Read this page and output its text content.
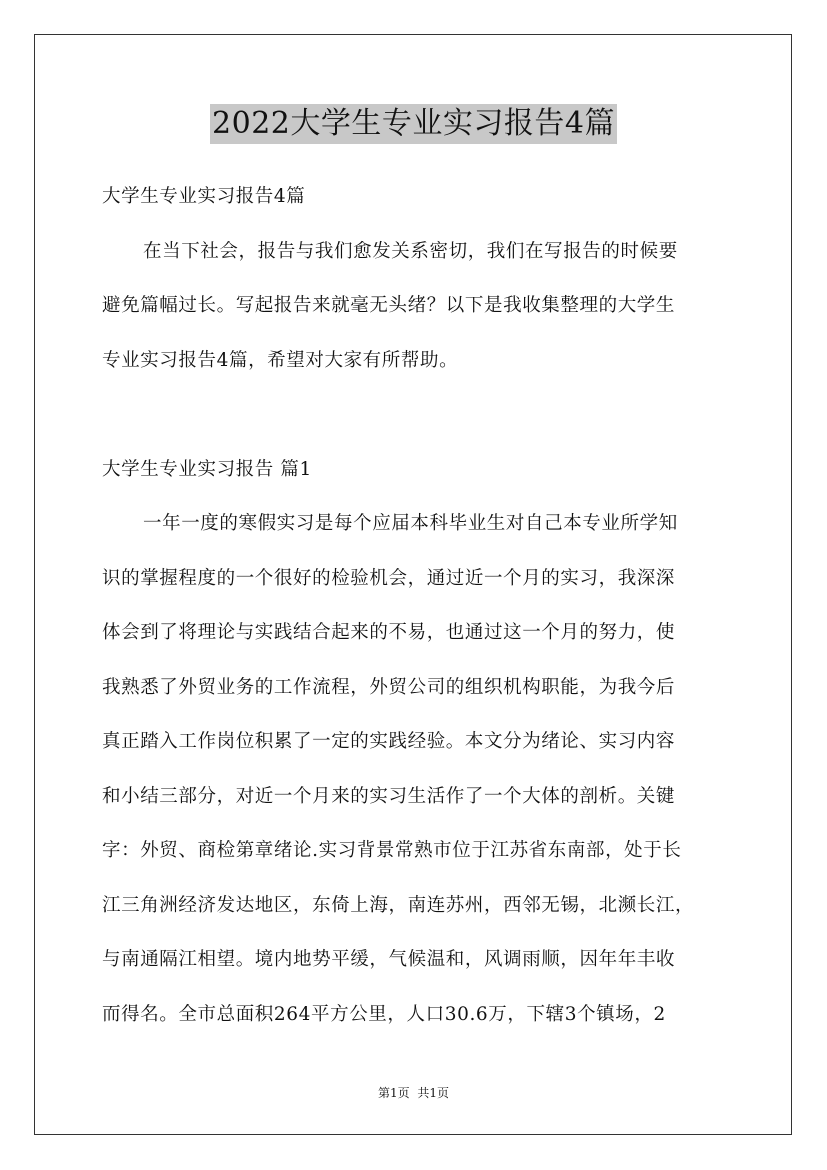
2022大学生专业实习报告4篇
大学生专业实习报告4篇
在当下社会，报告与我们愈发关系密切，我们在写报告的时候要
避免篇幅过长。写起报告来就毫无头绪？以下是我收集整理的大学生
专业实习报告4篇，希望对大家有所帮助。
大学生专业实习报告 篇1
一年一度的寒假实习是每个应届本科毕业生对自己本专业所学知
识的掌握程度的一个很好的检验机会，通过近一个月的实习，我深深
体会到了将理论与实践结合起来的不易，也通过这一个月的努力，使
我熟悉了外贸业务的工作流程，外贸公司的组织机构职能，为我今后
真正踏入工作岗位积累了一定的实践经验。本文分为绪论、实习内容
和小结三部分，对近一个月来的实习生活作了一个大体的剖析。关键
字：外贸、商检第章绪论.实习背景常熟市位于江苏省东南部，处于长
江三角洲经济发达地区，东倚上海，南连苏州，西邻无锡，北濒长江，
与南通隔江相望。境内地势平缓，气候温和，风调雨顺，因年年丰收
而得名。全市总面积264平方公里，人口30.6万，下辖3个镇场，2
第1页 共1页
